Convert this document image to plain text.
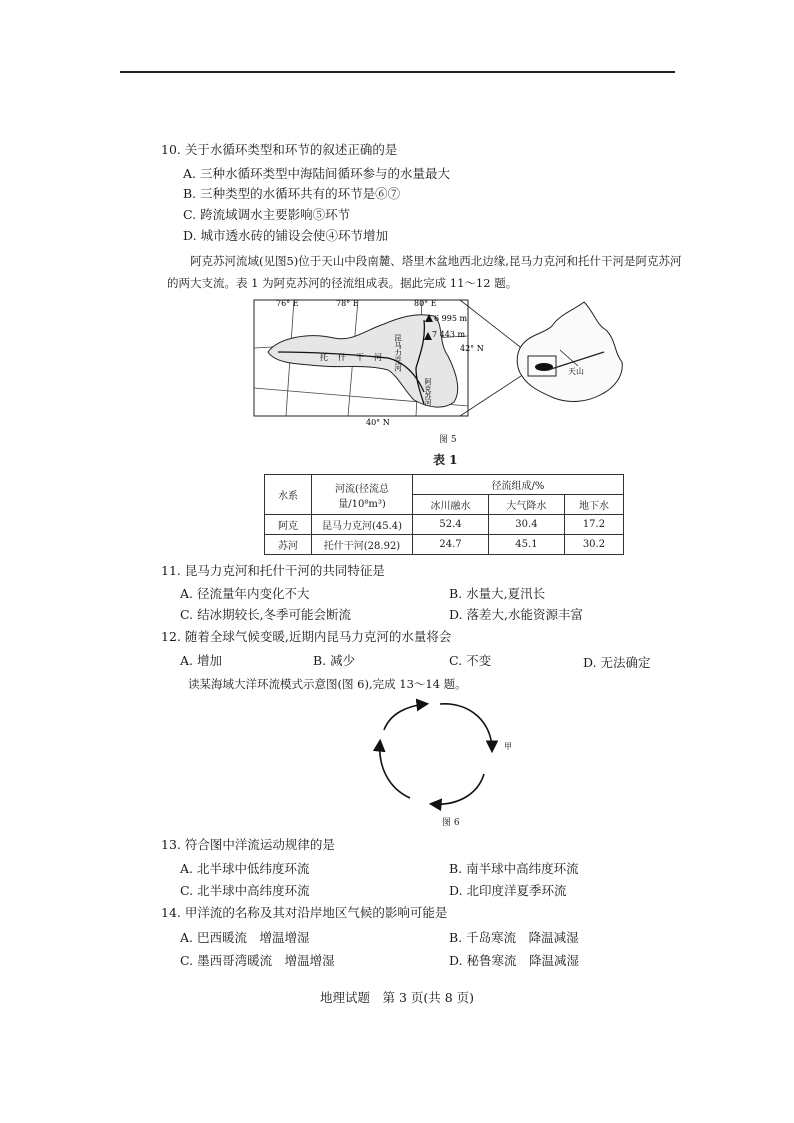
10. 关于水循环类型和环节的叙述正确的是
A. 三种水循环类型中海陆间循环参与的水量最大
B. 三种类型的水循环共有的环节是⑥⑦
C. 跨流域调水主要影响⑤环节
D. 城市透水砖的铺设会使④环节增加
阿克苏河流域(见图5)位于天山中段南麓、塔里木盆地西北边缘,昆马力克河和托什干河是阿克苏河
的两大支流。表 1 为阿克苏河的径流组成表。据此完成 11～12 题。
76° E	78° E	80° E
6 995 m
7 443 m
42° N
40° N
托什干河 昆马力克河
阿克苏河
天山
图 5
表 1
水系	河流(径流总量/10⁸m³)	径流组成/%		
		冰川融水	大气降水	地下水
阿克	昆马力克河(45.4)	52.4	30.4	17.2
苏河	托什干河(28.92)	24.7	45.1	30.2
11. 昆马力克河和托什干河的共同特征是
A. 径流量年内变化不大	B. 水量大,夏汛长
C. 结冰期较长,冬季可能会断流	D. 落差大,水能资源丰富
12. 随着全球气候变暖,近期内昆马力克河的水量将会
A. 增加	B. 减少	C. 不变	D. 无法确定
读某海域大洋环流模式示意图(图 6),完成 13～14 题。
甲
图 6
13. 符合图中洋流运动规律的是
A. 北半球中低纬度环流	B. 南半球中高纬度环流
C. 北半球中高纬度环流	D. 北印度洋夏季环流
14. 甲洋流的名称及其对沿岸地区气候的影响可能是
A. 巴西暖流　增温增湿	B. 千岛寒流　降温减湿
C. 墨西哥湾暖流　增温增湿	D. 秘鲁寒流　降温减湿
地理试题　第 3 页(共 8 页)
